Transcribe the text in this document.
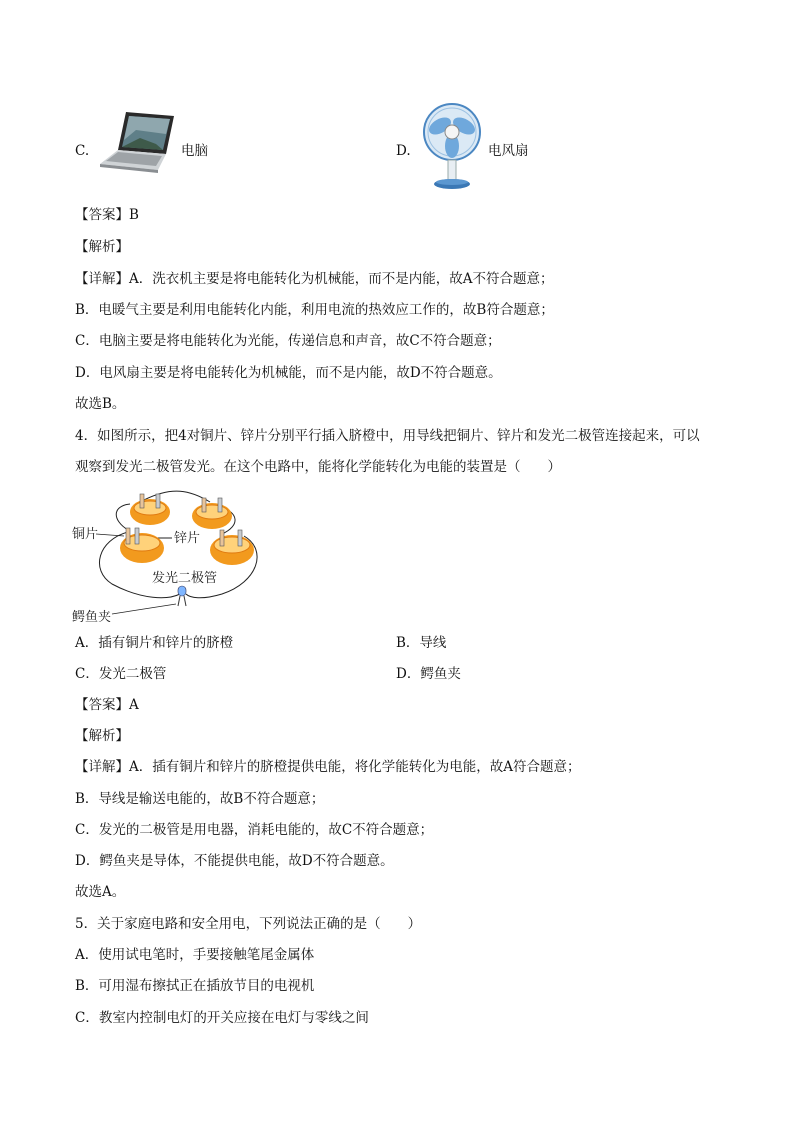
C.	电脑	D.	电风扇
【答案】B
【解析】
【详解】A．洗衣机主要是将电能转化为机械能，而不是内能，故A不符合题意；
B．电暖气主要是利用电能转化内能，利用电流的热效应工作的，故B符合题意；
C．电脑主要是将电能转化为光能，传递信息和声音，故C不符合题意；
D．电风扇主要是将电能转化为机械能，而不是内能，故D不符合题意。
故选B。
4．如图所示，把4对铜片、锌片分别平行插入脐橙中，用导线把铜片、锌片和发光二极管连接起来，可以
观察到发光二极管发光。在这个电路中，能将化学能转化为电能的装置是（　　）
铜片	锌片
发光二极管
鳄鱼夹
A．插有铜片和锌片的脐橙	B．导线
C．发光二极管	D．鳄鱼夹
【答案】A
【解析】
【详解】A．插有铜片和锌片的脐橙提供电能，将化学能转化为电能，故A符合题意；
B．导线是输送电能的，故B不符合题意；
C．发光的二极管是用电器，消耗电能的，故C不符合题意；
D．鳄鱼夹是导体，不能提供电能，故D不符合题意。
故选A。
5．关于家庭电路和安全用电，下列说法正确的是（　　）
A．使用试电笔时，手要接触笔尾金属体
B．可用湿布擦拭正在插放节目的电视机
C．教室内控制电灯的开关应接在电灯与零线之间
